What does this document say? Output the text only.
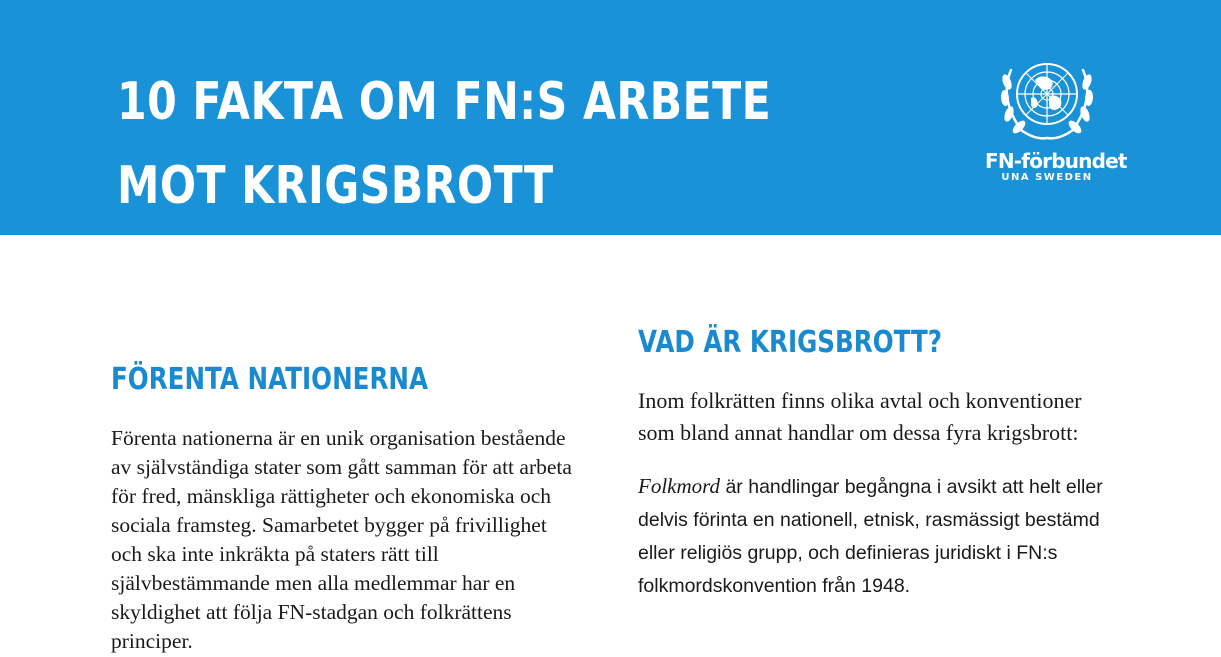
10 FAKTA OM FN:S ARBETE MOT KRIGSBROTT	FN-förbundet
UNA SWEDEN
FÖRENTA NATIONERNA

Förenta nationerna är en unik organisation bestående av självständiga stater som gått samman för att arbeta för fred, mänskliga rättigheter och ekonomiska och sociala framsteg. Samarbetet bygger på frivillighet och ska inte inkräkta på staters rätt till självbestämmande men alla medlemmar har en skyldighet att följa FN-stadgan och folkrättens principer.

VAD ÄR KRIGSBROTT?

Inom folkrätten finns olika avtal och konventioner som bland annat handlar om dessa fyra krigsbrott:

Folkmord är handlingar begångna i avsikt att helt eller delvis förinta en nationell, etnisk, rasmässigt bestämd eller religiös grupp, och definieras juridiskt i FN:s folkmordskonvention från 1948.
